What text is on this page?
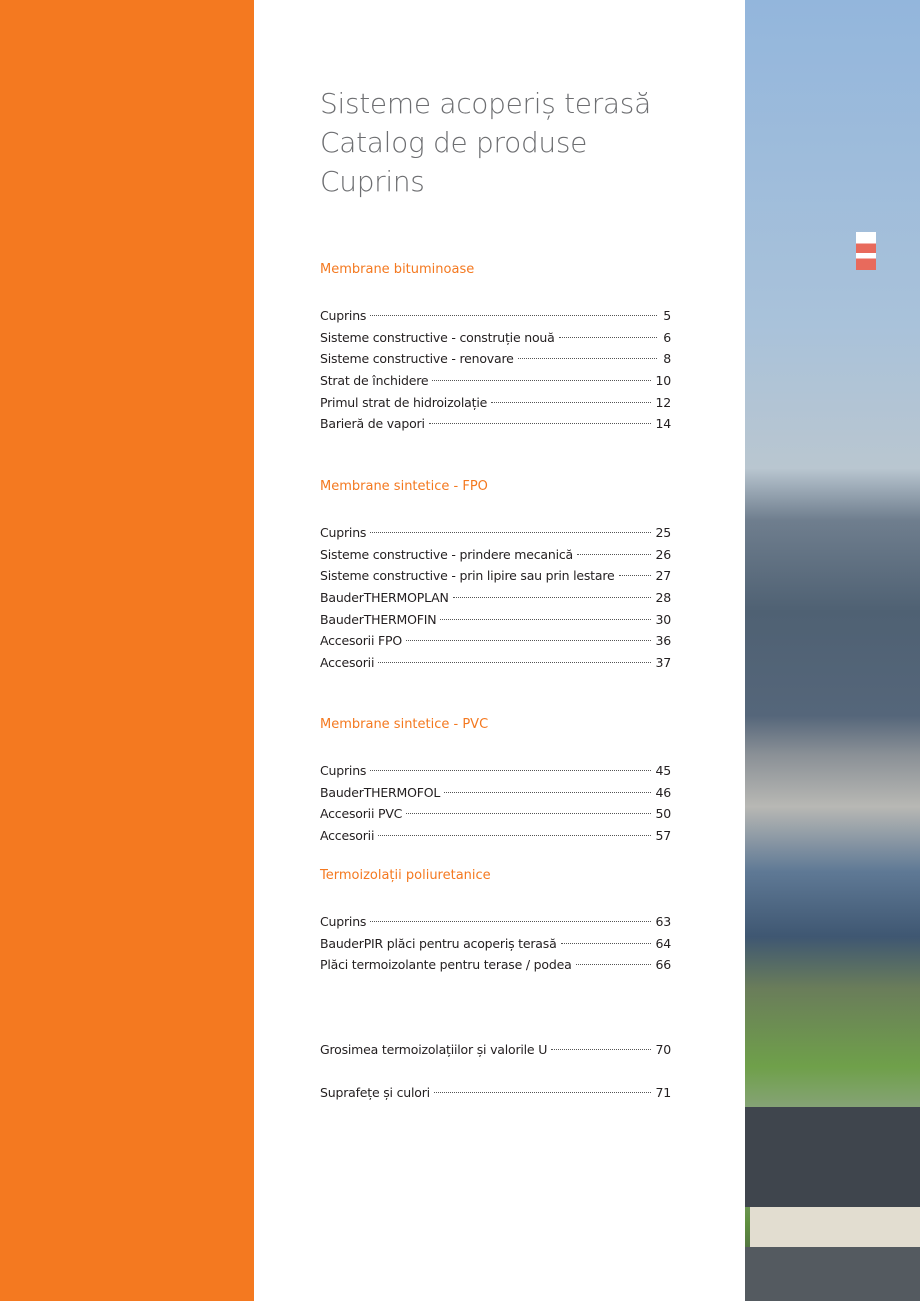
Sisteme acoperiș terasă
Catalog de produse
Cuprins
Membrane bituminoase
Cuprins	5
Sisteme constructive - construție nouă	6
Sisteme constructive - renovare	8
Strat de închidere	10
Primul strat de hidroizolație	12
Barieră de vapori	14
Membrane sintetice - FPO
Cuprins	25
Sisteme constructive - prindere mecanică	26
Sisteme constructive - prin lipire sau prin lestare	27
BauderTHERMOPLAN	28
BauderTHERMOFIN	30
Accesorii FPO	36
Accesorii	37
Membrane sintetice - PVC
Cuprins	45
BauderTHERMOFOL	46
Accesorii PVC	50
Accesorii	57
Termoizolații poliuretanice
Cuprins	63
BauderPIR plăci pentru acoperiș terasă	64
Plăci termoizolante pentru terase / podea	66
Grosimea termoizolațiilor și valorile U	70
Suprafețe și culori	71
